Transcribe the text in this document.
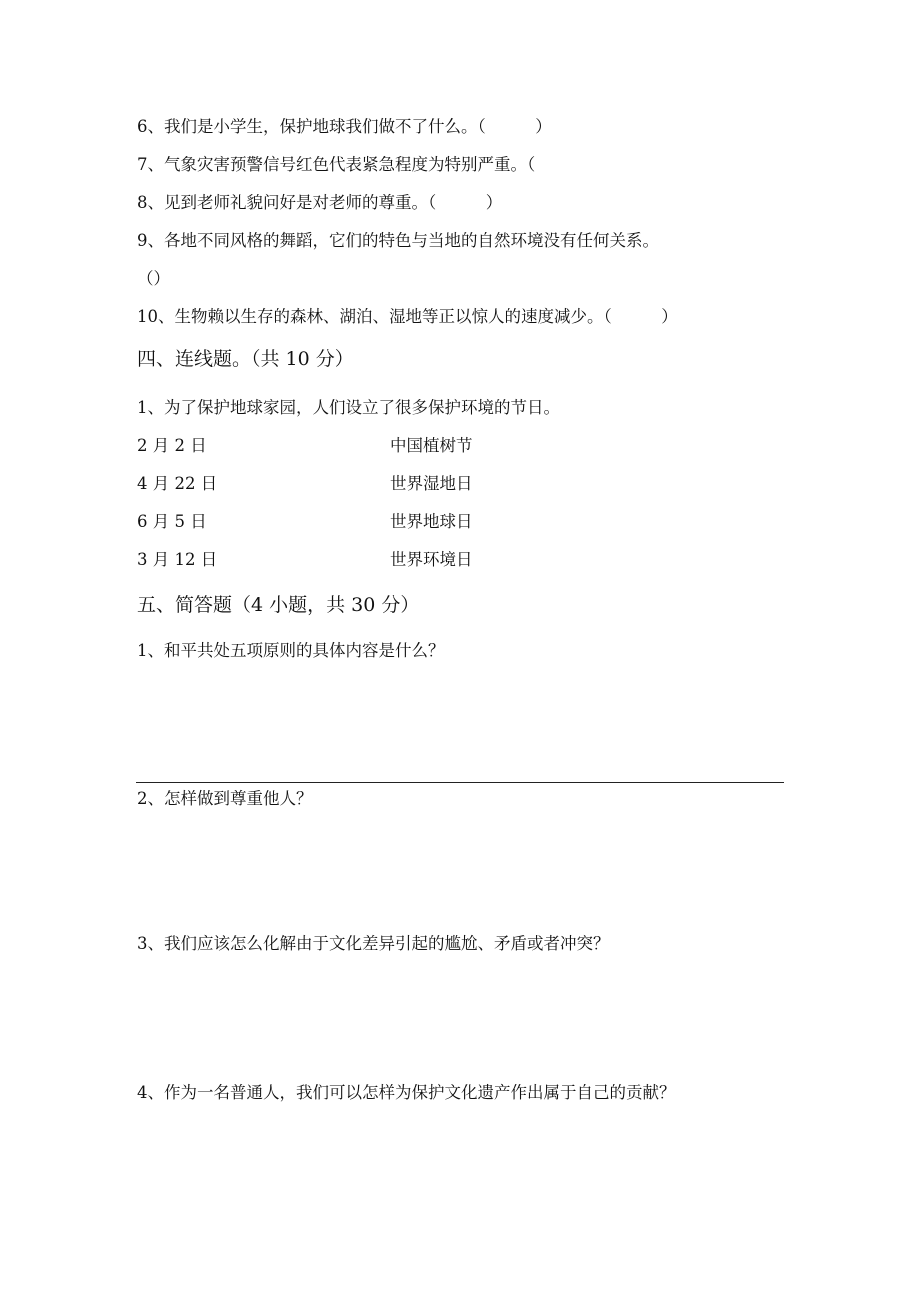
6、我们是小学生，保护地球我们做不了什么。（　　　）
7、气象灾害预警信号红色代表紧急程度为特别严重。（
8、见到老师礼貌问好是对老师的尊重。（　　　）
9、各地不同风格的舞蹈，它们的特色与当地的自然环境没有任何关系。
（）
10、生物赖以生存的森林、湖泊、湿地等正以惊人的速度减少。（　　　）
四、连线题。（共 10 分）
1、为了保护地球家园，人们设立了很多保护环境的节日。
2 月 2 日	中国植树节
4 月 22 日	世界湿地日
6 月 5 日	世界地球日
3 月 12 日	世界环境日
五、简答题（4 小题，共 30 分）
1、和平共处五项原则的具体内容是什么？
2、怎样做到尊重他人？
3、我们应该怎么化解由于文化差异引起的尴尬、矛盾或者冲突？
4、作为一名普通人，我们可以怎样为保护文化遗产作出属于自己的贡献？
